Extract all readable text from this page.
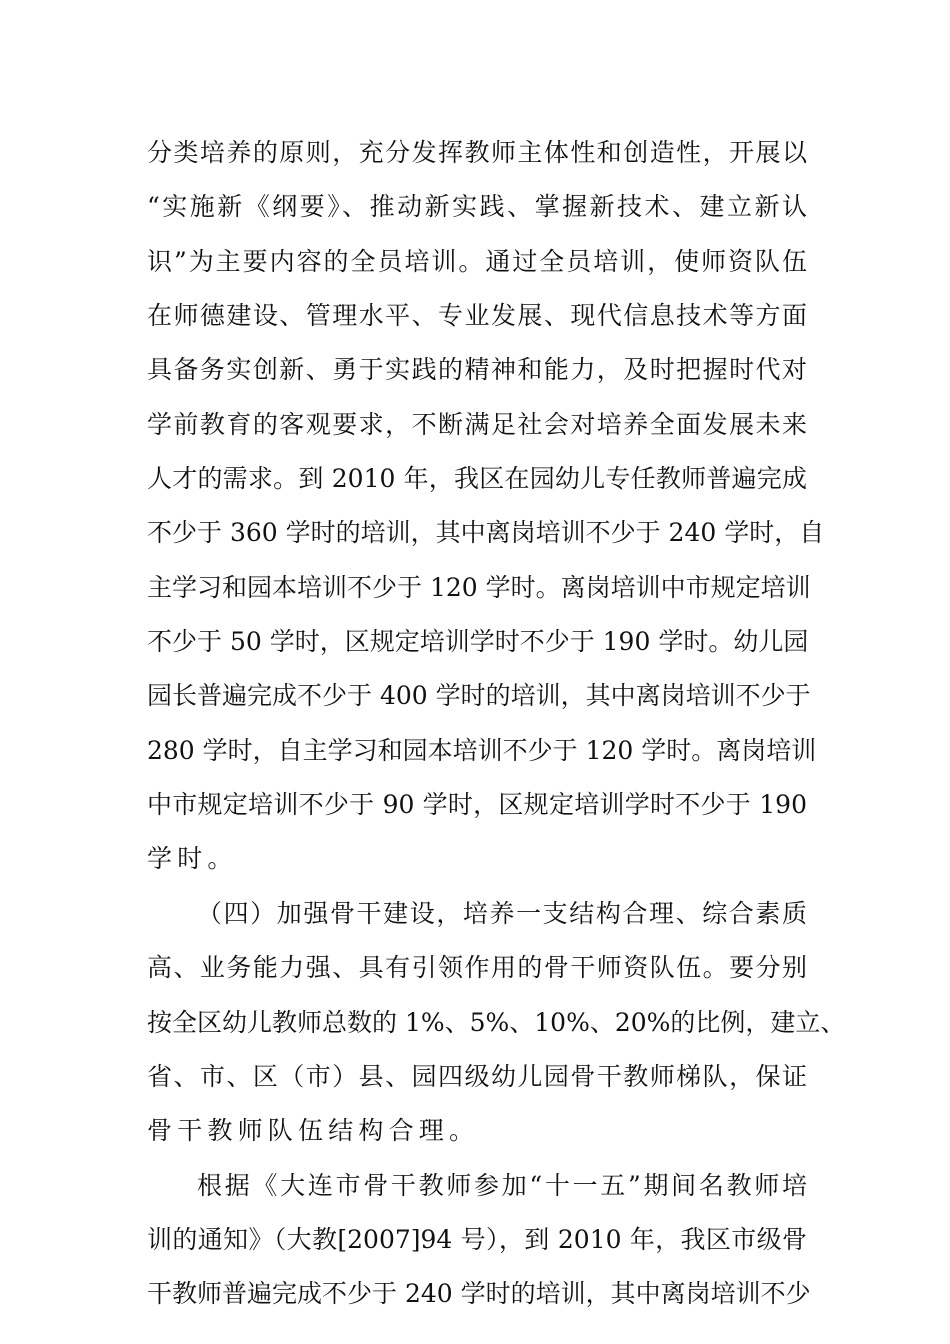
分类培养的原则，充分发挥教师主体性和创造性，开展以
“实施新《纲要》、推动新实践、掌握新技术、建立新认
识”为主要内容的全员培训。通过全员培训，使师资队伍
在师德建设、管理水平、专业发展、现代信息技术等方面
具备务实创新、勇于实践的精神和能力，及时把握时代对
学前教育的客观要求，不断满足社会对培养全面发展未来
人才的需求。到 2010 年，我区在园幼儿专任教师普遍完成
不少于 360 学时的培训，其中离岗培训不少于 240 学时，自
主学习和园本培训不少于 120 学时。离岗培训中市规定培训
不少于 50 学时，区规定培训学时不少于 190 学时。幼儿园
园长普遍完成不少于 400 学时的培训，其中离岗培训不少于
280 学时，自主学习和园本培训不少于 120 学时。离岗培训
中市规定培训不少于 90 学时，区规定培训学时不少于 190
学时。
（四）加强骨干建设，培养一支结构合理、综合素质
高、业务能力强、具有引领作用的骨干师资队伍。要分别
按全区幼儿教师总数的 1%、5%、10%、20%的比例，建立、
省、市、区（市）县、园四级幼儿园骨干教师梯队，保证
骨干教师队伍结构合理。
根据《大连市骨干教师参加“十一五”期间名教师培
训的通知》（大教[2007]94 号），到 2010 年，我区市级骨
干教师普遍完成不少于 240 学时的培训，其中离岗培训不少
